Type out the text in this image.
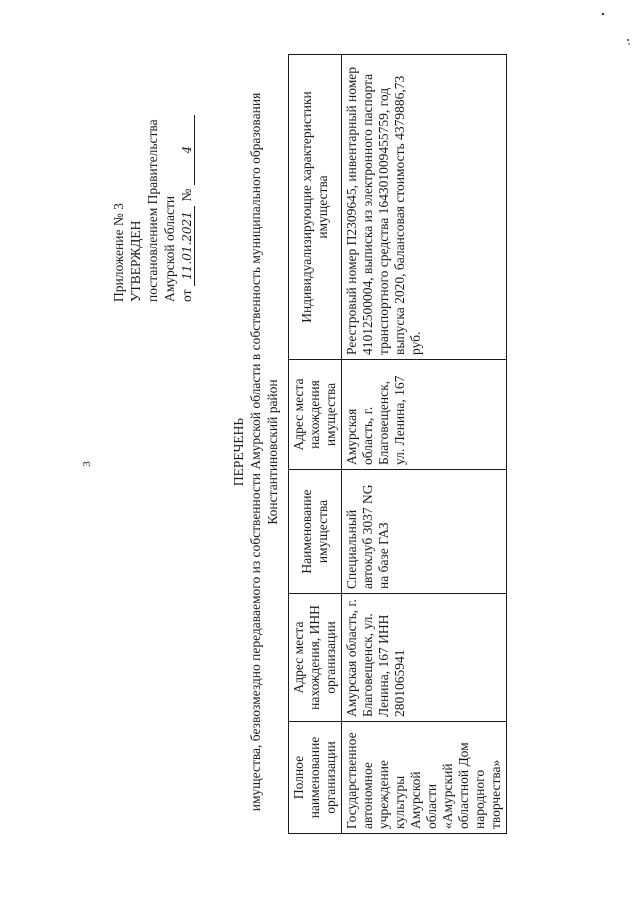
3
Приложение № 3 УТВЕРЖДЕН постановлением Правительства Амурской области от
11.01.2021
№
4
ПЕРЕЧЕНЬ имущества, безвозмездно передаваемого из собственности Амурской области в собственность муниципального образования Константиновский район
Полное наименование организации	Адрес места нахождения, ИНН организации	Наименование имущества	Адрес места нахождения имущества	Индивидуализирующие характеристики имущества
Государственное автономное учреждение культуры Амурской области «Амурский областной Дом народного творчества»	Амурская область, г. Благовещенск, ул. Ленина, 167 ИНН 2801065941	Специальный автоклуб 3037 NG на базе ГАЗ	Амурская область, г. Благовещенск, ул. Ленина, 167	Реестровый номер П2309645, инвентарный номер 41012500004, выписка из электронного паспорта транспортного средства 164301009455759, год выпуска 2020, балансовая стоимость 4379886,73 руб.
